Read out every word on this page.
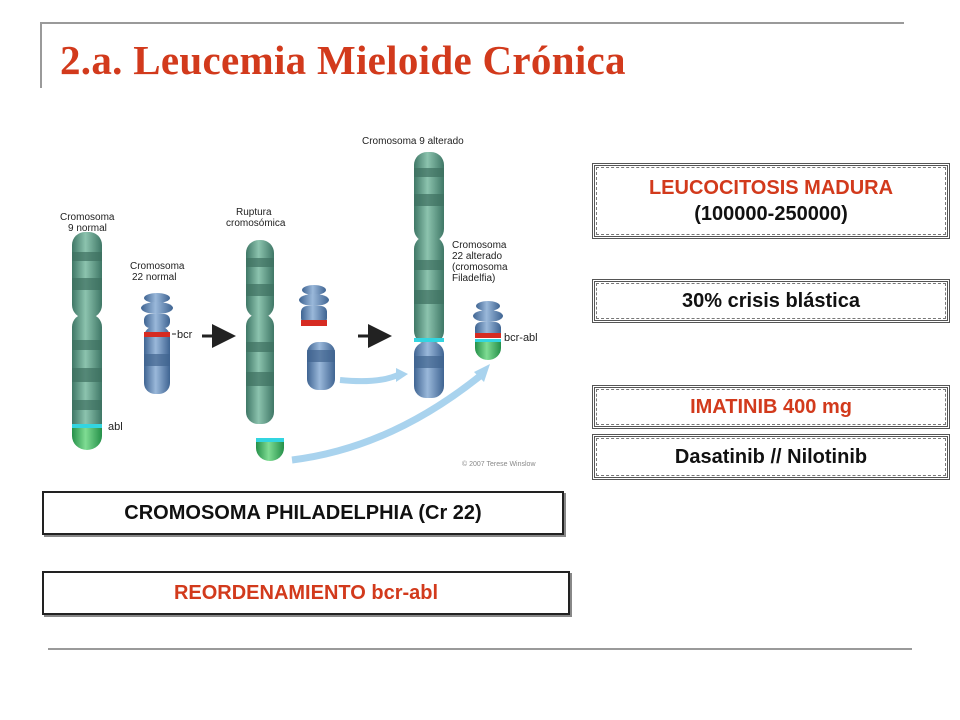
2.a. Leucemia Mieloide Crónica
Cromosoma
9 normal
abl
Cromosoma
22 normal
bcr
Ruptura
cromosómica
Cromosoma 9 alterado
Cromosoma
22 alterado
(cromosoma
Filadelfia)
bcr-abl
© 2007 Terese Winslow
LEUCOCITOSIS MADURA
(100000-250000)
30% crisis blástica
IMATINIB 400 mg
Dasatinib // Nilotinib
CROMOSOMA PHILADELPHIA (Cr 22)
REORDENAMIENTO bcr-abl
